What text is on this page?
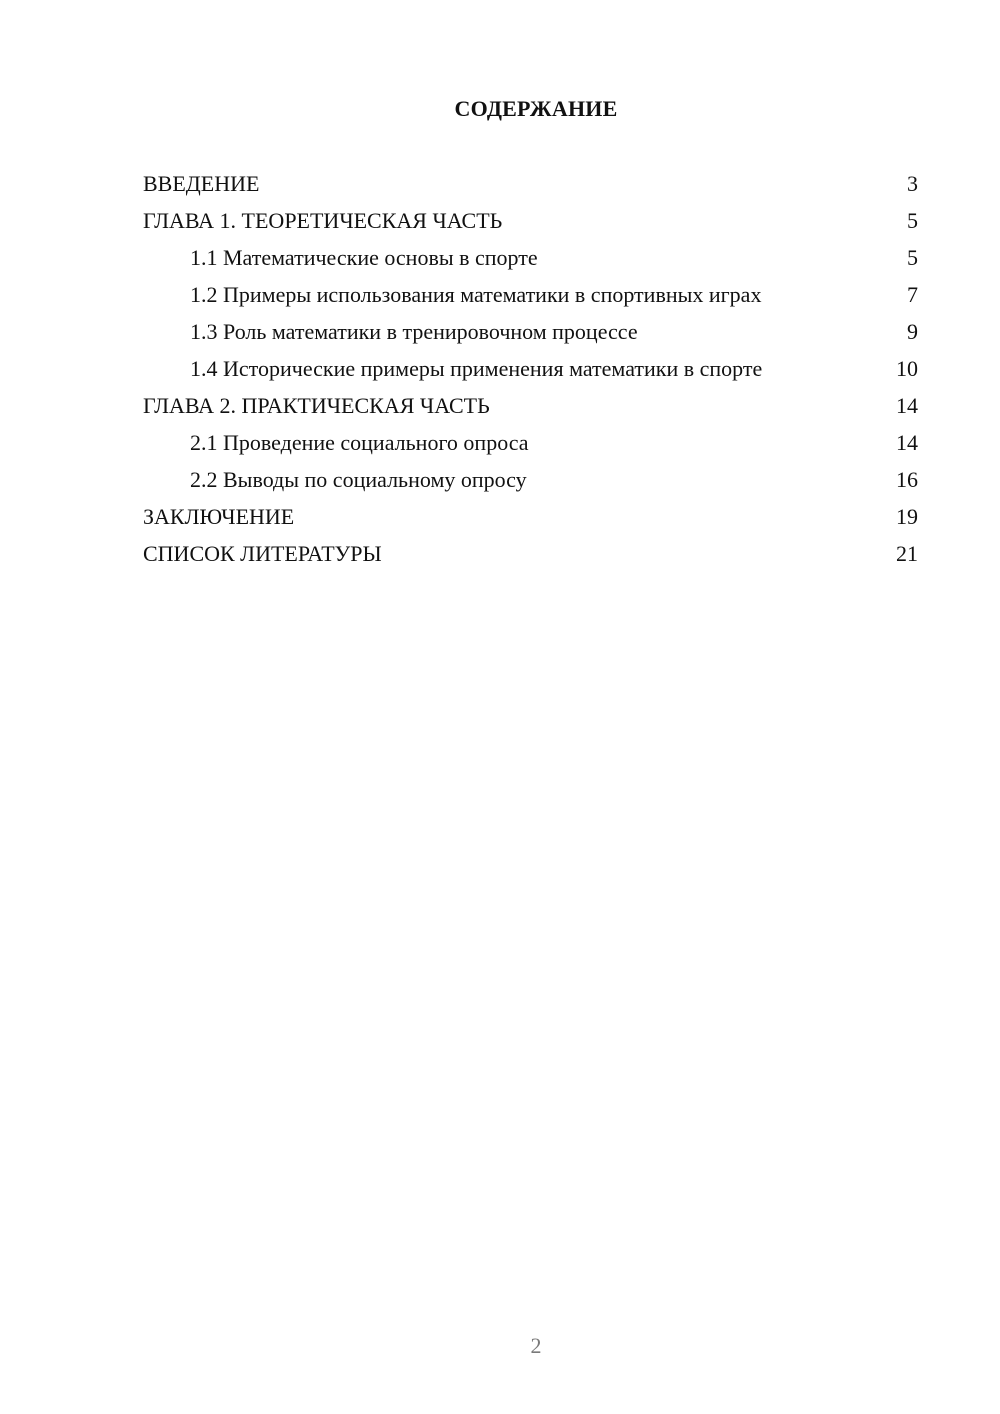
СОДЕРЖАНИЕ
ВВЕДЕНИЕ	3
ГЛАВА 1. ТЕОРЕТИЧЕСКАЯ ЧАСТЬ	5
1.1 Математические основы в спорте	5
1.2 Примеры использования математики в спортивных играх	7
1.3 Роль математики в тренировочном процессе	9
1.4 Исторические примеры применения математики в спорте	10
ГЛАВА 2. ПРАКТИЧЕСКАЯ ЧАСТЬ	14
2.1 Проведение социального опроса	14
2.2 Выводы по социальному опросу	16
ЗАКЛЮЧЕНИЕ	19
СПИСОК ЛИТЕРАТУРЫ	21
2
